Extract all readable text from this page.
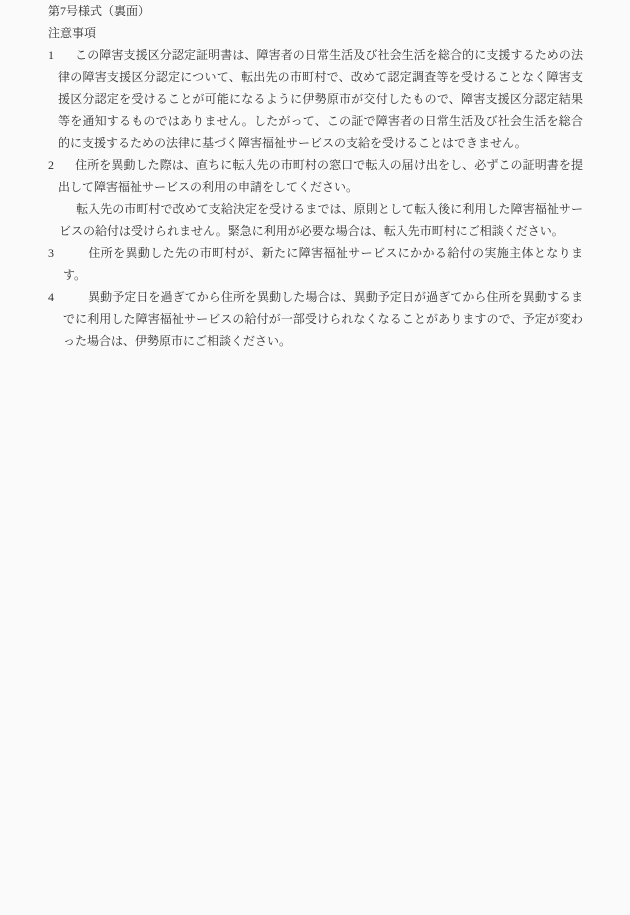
第7号様式（裏面）

注意事項

1 この障害支援区分認定証明書は、障害者の日常生活及び社会生活を総合的に支援するための法律の障害支援区分認定について、転出先の市町村で、改めて認定調査等を受けることなく障害支援区分認定を受けることが可能になるように伊勢原市が交付したもので、障害支援区分認定結果等を通知するものではありません。したがって、この証で障害者の日常生活及び社会生活を総合的に支援するための法律に基づく障害福祉サービスの支給を受けることはできません。
2 住所を異動した際は、直ちに転入先の市町村の窓口で転入の届け出をし、必ずこの証明書を提出して障害福祉サービスの利用の申請をしてください。

転入先の市町村で改めて支給決定を受けるまでは、原則として転入後に利用した障害福祉サービスの給付は受けられません。緊急に利用が必要な場合は、転入先市町村にご相談ください。

3	住所を異動した先の市町村が、新たに障害福祉サービスにかかる給付の実施主体となります。
4	異動予定日を過ぎてから住所を異動した場合は、異動予定日が過ぎてから住所を異動するまでに利用した障害福祉サービスの給付が一部受けられなくなることがありますので、予定が変わった場合は、伊勢原市にご相談ください。
